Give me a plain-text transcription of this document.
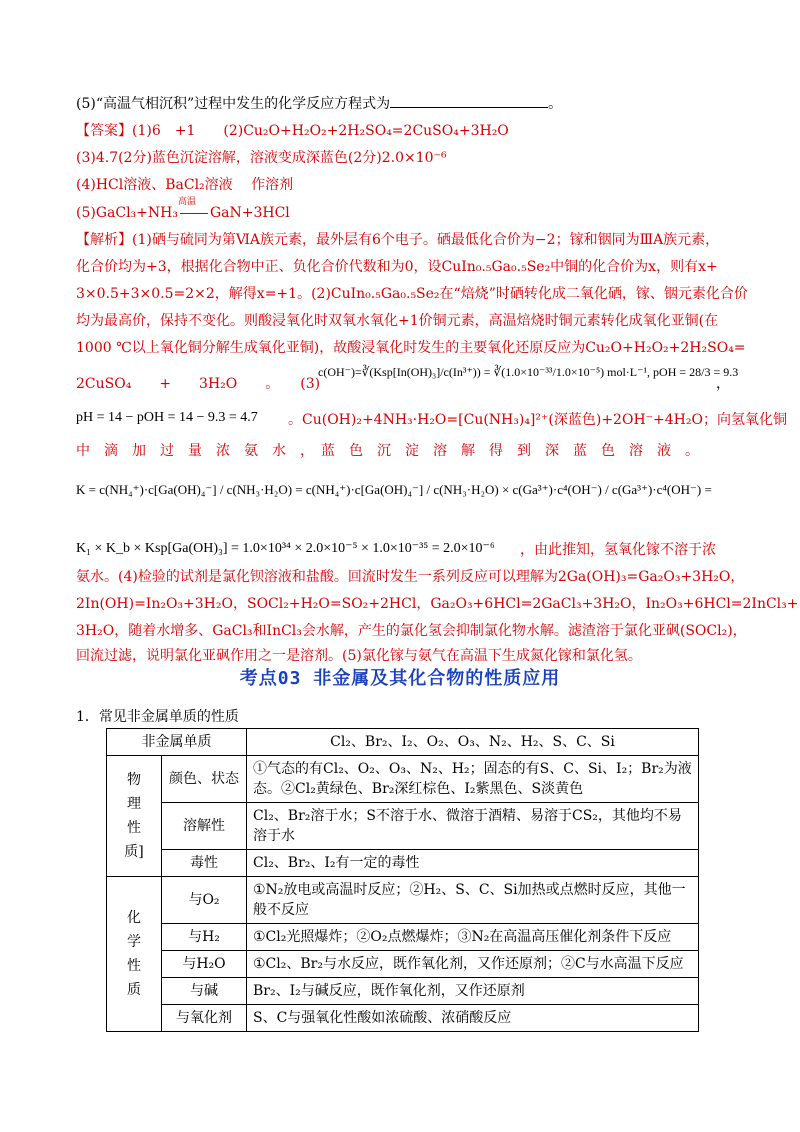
(5)“高温气相沉积”过程中发生的化学反应方程式为	。
【答案】(1)6　+1　　(2)Cu₂O+H₂O₂+2H₂SO₄=2CuSO₄+3H₂O
(3)4.7(2分)蓝色沉淀溶解，溶液变成深蓝色(2分)2.0×10⁻⁶
(4)HCl溶液、BaCl₂溶液　 作溶剂
(5)GaCl₃+NH₃
高温
GaN+3HCl
【解析】(1)硒与硫同为第ⅥA族元素，最外层有6个电子。硒最低化合价为−2；镓和铟同为ⅢA族元素，
化合价均为+3，根据化合物中正、负化合价代数和为0，设CuIn₀.₅Ga₀.₅Se₂中铜的化合价为x，则有x+
3×0.5+3×0.5=2×2，解得x=+1。(2)CuIn₀.₅Ga₀.₅Se₂在“焙烧”时硒转化成二氧化硒，镓、铟元素化合价
均为最高价，保持不变化。则酸浸氧化时双氧水氧化+1价铜元素，高温焙烧时铜元素转化成氧化亚铜(在
1000 ℃以上氧化铜分解生成氧化亚铜)，故酸浸氧化时发生的主要氧化还原反应为Cu₂O+H₂O₂+2H₂SO₄=
2CuSO₄　　+　　3H₂O　　。　　(3)
c(OH⁻)=∛(Ksp[In(OH)₃]/c(In³⁺)) = ∛(1.0×10⁻³³/1.0×10⁻⁵) mol·L⁻¹, pOH = 28/3 = 9.3
，
pH = 14 − pOH = 14 − 9.3 = 4.7 。Cu(OH)₂+4NH₃·H₂O=[Cu(NH₃)₄]²⁺(深蓝色)+2OH⁻+4H₂O；向氢氧化铜
中　滴　加　过　量　浓　氨　水　，　蓝　色　沉　淀　溶　解　得　到　深　蓝　色　溶　液　。
K = c(NH₄⁺)·c[Ga(OH)₄⁻] / c(NH₃·H₂O) = c(NH₄⁺)·c[Ga(OH)₄⁻] / c(NH₃·H₂O) × c(Ga³⁺)·c⁴(OH⁻) / c(Ga³⁺)·c⁴(OH⁻) =
K₁ × K_b × Ksp[Ga(OH)₃] = 1.0×10³⁴ × 2.0×10⁻⁵ × 1.0×10⁻³⁵ = 2.0×10⁻⁶ ，由此推知，氢氧化镓不溶于浓
氨水。(4)检验的试剂是氯化钡溶液和盐酸。回流时发生一系列反应可以理解为2Ga(OH)₃=Ga₂O₃+3H₂O，
2In(OH)=In₂O₃+3H₂O，SOCl₂+H₂O=SO₂+2HCl，Ga₂O₃+6HCl=2GaCl₃+3H₂O，In₂O₃+6HCl=2InCl₃+
3H₂O，随着水增多、GaCl₃和InCl₃会水解，产生的氯化氢会抑制氯化物水解。滤渣溶于氯化亚砜(SOCl₂)，
回流过滤，说明氯化亚砜作用之一是溶剂。(5)氯化镓与氨气在高温下生成氮化镓和氯化氢。
考点03 非金属及其化合物的性质应用
1．常见非金属单质的性质
非金属单质		Cl₂、Br₂、I₂、O₂、O₃、N₂、H₂、S、C、Si

物
理
性
质]	颜色、状态	①气态的有Cl₂、O₂、O₃、N₂、H₂；固态的有S、C、Si、I₂；Br₂为液态。②Cl₂黄绿色、Br₂深红棕色、I₂紫黑色、S淡黄色
	溶解性	Cl₂、Br₂溶于水；S不溶于水、微溶于酒精、易溶于CS₂，其他均不易溶于水
	毒性	Cl₂、Br₂、I₂有一定的毒性

化
学
性
质	与O₂	①N₂放电或高温时反应；②H₂、S、C、Si加热或点燃时反应，其他一般不反应
	与H₂	①Cl₂光照爆炸；②O₂点燃爆炸；③N₂在高温高压催化剂条件下反应
	与H₂O	①Cl₂、Br₂与水反应，既作氧化剂，又作还原剂；②C与水高温下反应
	与碱	Br₂、I₂与碱反应，既作氧化剂，又作还原剂
	与氧化剂	S、C与强氧化性酸如浓硫酸、浓硝酸反应
